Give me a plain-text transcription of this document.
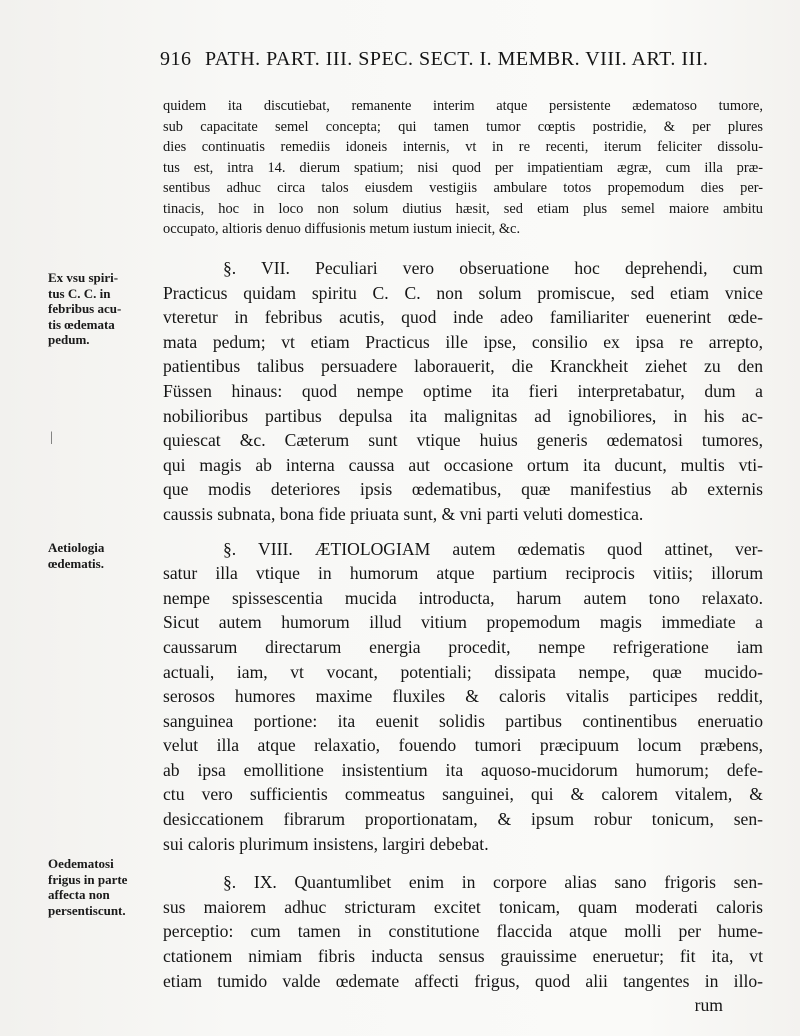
916 PATH. PART. III. SPEC. SECT. I. MEMBR. VIII. ART. III.
quidem ita discutiebat, remanente interim atque persistente ædematoso tumore,
sub capacitate semel concepta; qui tamen tumor cœptis postridie, & per plures
dies continuatis remediis idoneis internis, vt in re recenti, iterum feliciter dissolu-
tus est, intra 14. dierum spatium; nisi quod per impatientiam ægræ, cum illa præ-
sentibus adhuc circa talos eiusdem vestigiis ambulare totos propemodum dies per-
tinacis, hoc in loco non solum diutius hæsit, sed etiam plus semel maiore ambitu
occupato, altioris denuo diffusionis metum iustum iniecit, &c.
§. VII. Peculiari vero obseruatione hoc deprehendi, cum
Practicus quidam spiritu C. C. non solum promiscue, sed etiam vnice
vteretur in febribus acutis, quod inde adeo familiariter euenerint œde-
mata pedum; vt etiam Practicus ille ipse, consilio ex ipsa re arrepto,
patientibus talibus persuadere laborauerit, die Kranckheit ziehet zu den
Füssen hinaus: quod nempe optime ita fieri interpretabatur, dum a
nobilioribus partibus depulsa ita malignitas ad ignobiliores, in his ac-
quiescat &c. Cæterum sunt vtique huius generis œdematosi tumores,
qui magis ab interna caussa aut occasione ortum ita ducunt, multis vti-
que modis deteriores ipsis œdematibus, quæ manifestius ab externis
caussis subnata, bona fide priuata sunt, & vni parti veluti domestica.
§. VIII. ÆTIOLOGIAM autem œdematis quod attinet, ver-
satur illa vtique in humorum atque partium reciprocis vitiis; illorum
nempe spissescentia mucida introducta, harum autem tono relaxato.
Sicut autem humorum illud vitium propemodum magis immediate a
caussarum directarum energia procedit, nempe refrigeratione iam
actuali, iam, vt vocant, potentiali; dissipata nempe, quæ mucido-
serosos humores maxime fluxiles & caloris vitalis participes reddit,
sanguinea portione: ita euenit solidis partibus continentibus eneruatio
velut illa atque relaxatio, fouendo tumori præcipuum locum præbens,
ab ipsa emollitione insistentium ita aquoso-mucidorum humorum; defe-
ctu vero sufficientis commeatus sanguinei, qui & calorem vitalem, &
desiccationem fibrarum proportionatam, & ipsum robur tonicum, sen-
sui caloris plurimum insistens, largiri debebat.
§. IX. Quantumlibet enim in corpore alias sano frigoris sen-
sus maiorem adhuc stricturam excitet tonicam, quam moderati caloris
perceptio: cum tamen in constitutione flaccida atque molli per hume-
ctationem nimiam fibris inducta sensus grauissime eneruetur; fit ita, vt
etiam tumido valde œdemate affecti frigus, quod alii tangentes in illo-
rum
Ex vsu spiri-
tus C. C. in
febribus acu-
tis œdemata
pedum.
|
Aetiologia
œdematis.
Oedematosi
frigus in parte
affecta non
persentiscunt.
